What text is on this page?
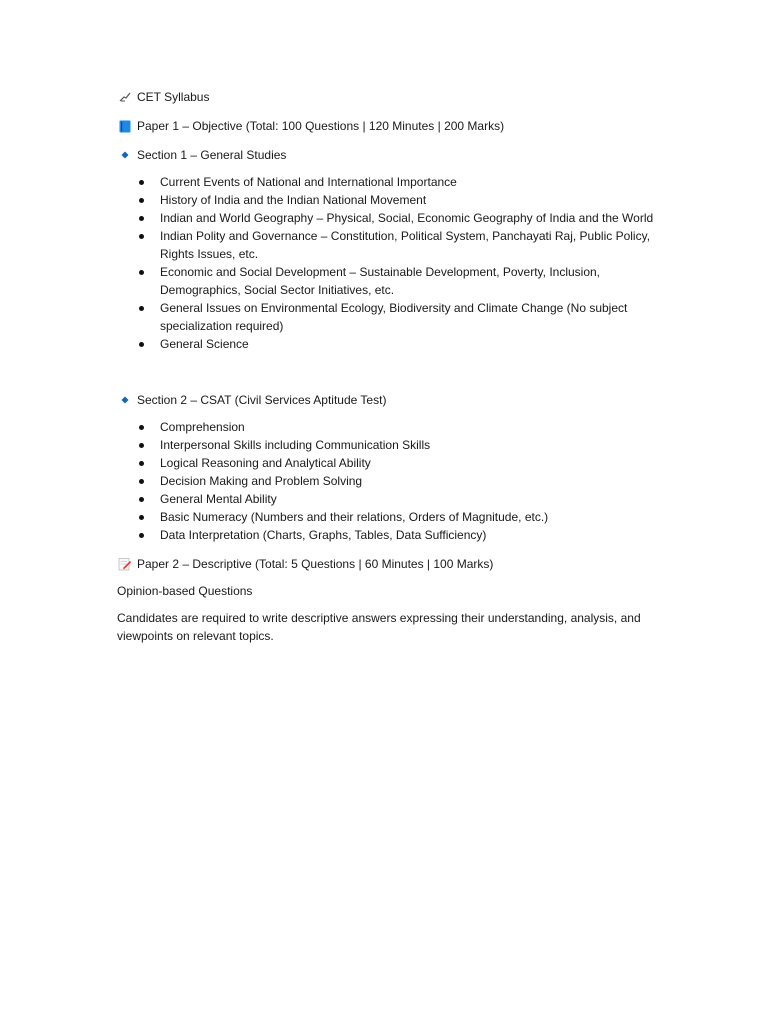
CET Syllabus
Paper 1 – Objective (Total: 100 Questions | 120 Minutes | 200 Marks)
Section 1 – General Studies
Current Events of National and International Importance
History of India and the Indian National Movement
Indian and World Geography – Physical, Social, Economic Geography of India and the World
Indian Polity and Governance – Constitution, Political System, Panchayati Raj, Public Policy, Rights Issues, etc.
Economic and Social Development – Sustainable Development, Poverty, Inclusion, Demographics, Social Sector Initiatives, etc.
General Issues on Environmental Ecology, Biodiversity and Climate Change (No subject specialization required)
General Science
Section 2 – CSAT (Civil Services Aptitude Test)
Comprehension
Interpersonal Skills including Communication Skills
Logical Reasoning and Analytical Ability
Decision Making and Problem Solving
General Mental Ability
Basic Numeracy (Numbers and their relations, Orders of Magnitude, etc.)
Data Interpretation (Charts, Graphs, Tables, Data Sufficiency)
Paper 2 – Descriptive (Total: 5 Questions | 60 Minutes | 100 Marks)
Opinion-based Questions
Candidates are required to write descriptive answers expressing their understanding, analysis, and viewpoints on relevant topics.
